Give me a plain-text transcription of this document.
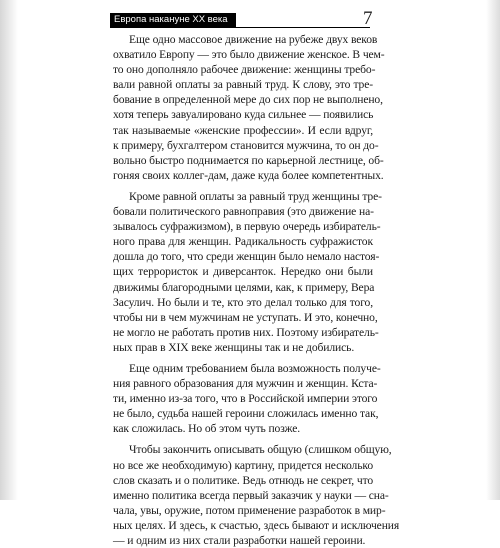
Европа накануне XX века	7
Еще одно массовое движение на рубеже двух веков
охватило Европу — это было движение женское. В чем-
то оно дополняло рабочее движение: женщины требо-
вали равной оплаты за равный труд. К слову, это тре-
бование в определенной мере до сих пор не выполнено,
хотя теперь завуалировано куда сильнее — появились
так называемые «женские профессии». И если вдруг,
к примеру, бухгалтером становится мужчина, то он до-
вольно быстро поднимается по карьерной лестнице, об-
гоняя своих коллег-дам, даже куда более компетентных.
Кроме равной оплаты за равный труд женщины тре-
бовали политического равноправия (это движение на-
зывалось суфражизмом), в первую очередь избиратель-
ного права для женщин. Радикальность суфражисток
дошла до того, что среди женщин было немало настоя-
щих террористок и диверсанток. Нередко они были
движимы благородными целями, как, к примеру, Вера
Засулич. Но были и те, кто это делал только для того,
чтобы ни в чем мужчинам не уступать. И это, конечно,
не могло не работать против них. Поэтому избиратель-
ных прав в XIX веке женщины так и не добились.
Еще одним требованием была возможность получе-
ния равного образования для мужчин и женщин. Кста-
ти, именно из-за того, что в Российской империи этого
не было, судьба нашей героини сложилась именно так,
как сложилась. Но об этом чуть позже.
Чтобы закончить описывать общую (слишком общую,
но все же необходимую) картину, придется несколько
слов сказать и о политике. Ведь отнюдь не секрет, что
именно политика всегда первый заказчик у науки — сна-
чала, увы, оружие, потом применение разработок в мир-
ных целях. И здесь, к счастью, здесь бывают и исключения
— и одним из них стали разработки нашей героини.
